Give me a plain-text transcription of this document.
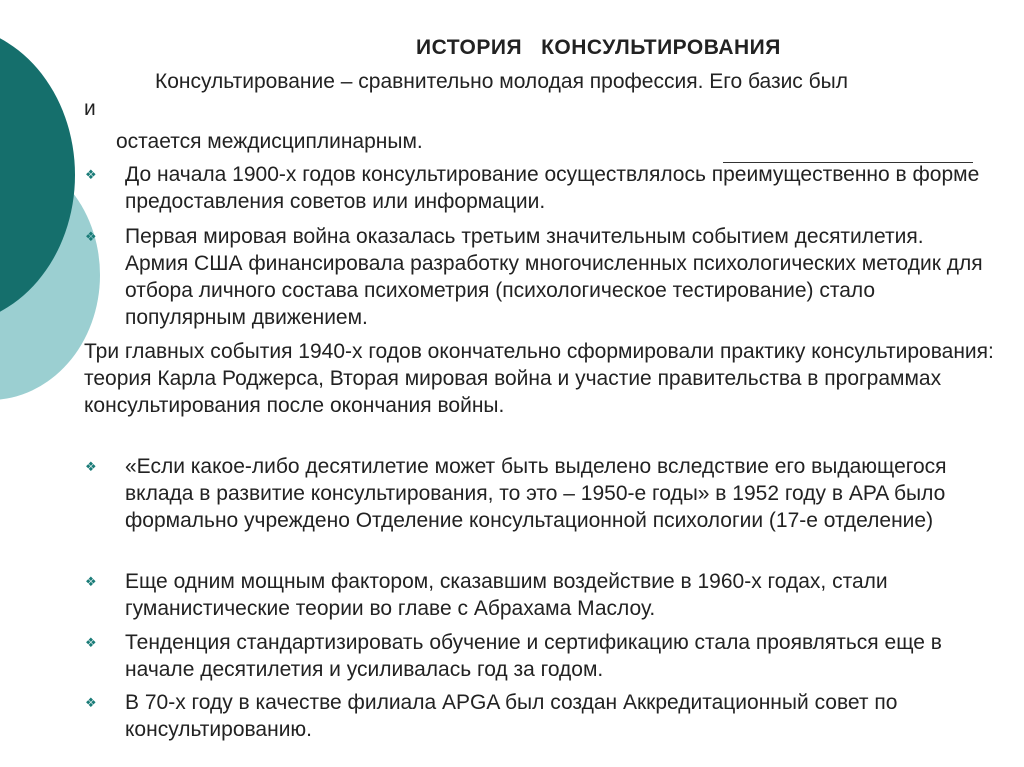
ИСТОРИЯ   КОНСУЛЬТИРОВАНИЯ
Консультирование – сравнительно молодая профессия. Его базис был
и
остается междисциплинарным.
❖ До начала 1900-х годов консультирование осуществлялось преимущественно в форме предоставления советов или информации.
❖ Первая мировая война оказалась третьим значительным событием десятилетия. Армия США финансировала разработку многочисленных психологических методик для отбора личного состава психометрия (психологическое тестирование) стало популярным движением.
Три главных события 1940-х годов окончательно сформировали практику консультирования: теория Карла Роджерса, Вторая мировая война и участие правительства в программах консультирования после окончания войны.
❖ «Если какое-либо десятилетие может быть выделено вследствие его выдающегося вклада в развитие консультирования, то это – 1950-е годы» в 1952 году в APA было формально учреждено Отделение консультационной психологии (17-е отделение)
❖ Еще одним мощным фактором, сказавшим воздействие в 1960-х годах, стали гуманистические теории во главе с Абрахама Маслоу.
❖ Тенденция стандартизировать обучение и сертификацию стала проявляться еще в начале десятилетия и усиливалась год за годом.
❖ В 70-х году в качестве филиала APGA был создан Аккредитационный совет по консультированию.
